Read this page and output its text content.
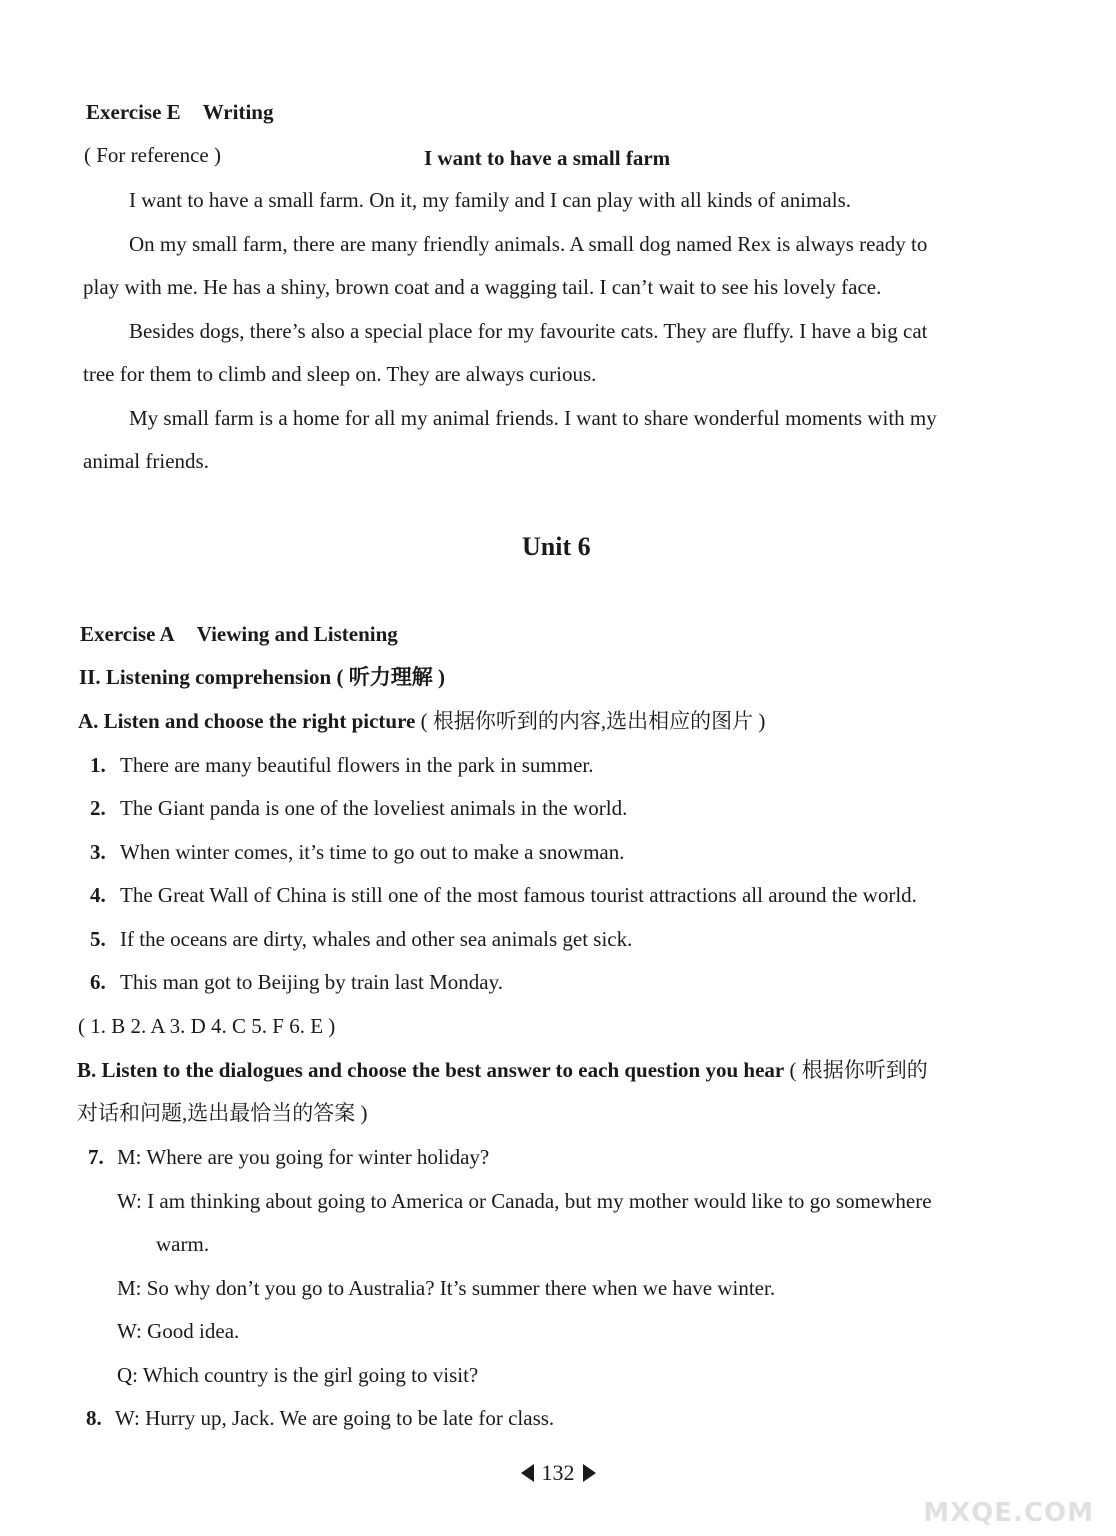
Exercise E Writing
( For reference )	I want to have a small farm
I want to have a small farm. On it, my family and I can play with all kinds of animals.
On my small farm, there are many friendly animals. A small dog named Rex is always ready to
play with me. He has a shiny, brown coat and a wagging tail. I can’t wait to see his lovely face.
Besides dogs, there’s also a special place for my favourite cats. They are fluffy. I have a big cat
tree for them to climb and sleep on. They are always curious.
My small farm is a home for all my animal friends. I want to share wonderful moments with my
animal friends.
Unit 6
Exercise A Viewing and Listening
II. Listening comprehension ( 听力理解 )
A. Listen and choose the right picture ( 根据你听到的内容,选出相应的图片 )
1. There are many beautiful flowers in the park in summer.
2. The Giant panda is one of the loveliest animals in the world.
3. When winter comes, it’s time to go out to make a snowman.
4. The Great Wall of China is still one of the most famous tourist attractions all around the world.
5. If the oceans are dirty, whales and other sea animals get sick.
6. This man got to Beijing by train last Monday.
( 1. B 2. A 3. D 4. C 5. F 6. E )
B. Listen to the dialogues and choose the best answer to each question you hear ( 根据你听到的
对话和问题,选出最恰当的答案 )
7. M: Where are you going for winter holiday?
W: I am thinking about going to America or Canada, but my mother would like to go somewhere
warm.
M: So why don’t you go to Australia? It’s summer there when we have winter.
W: Good idea.
Q: Which country is the girl going to visit?
8. W: Hurry up, Jack. We are going to be late for class.
132
MXQE.COM
